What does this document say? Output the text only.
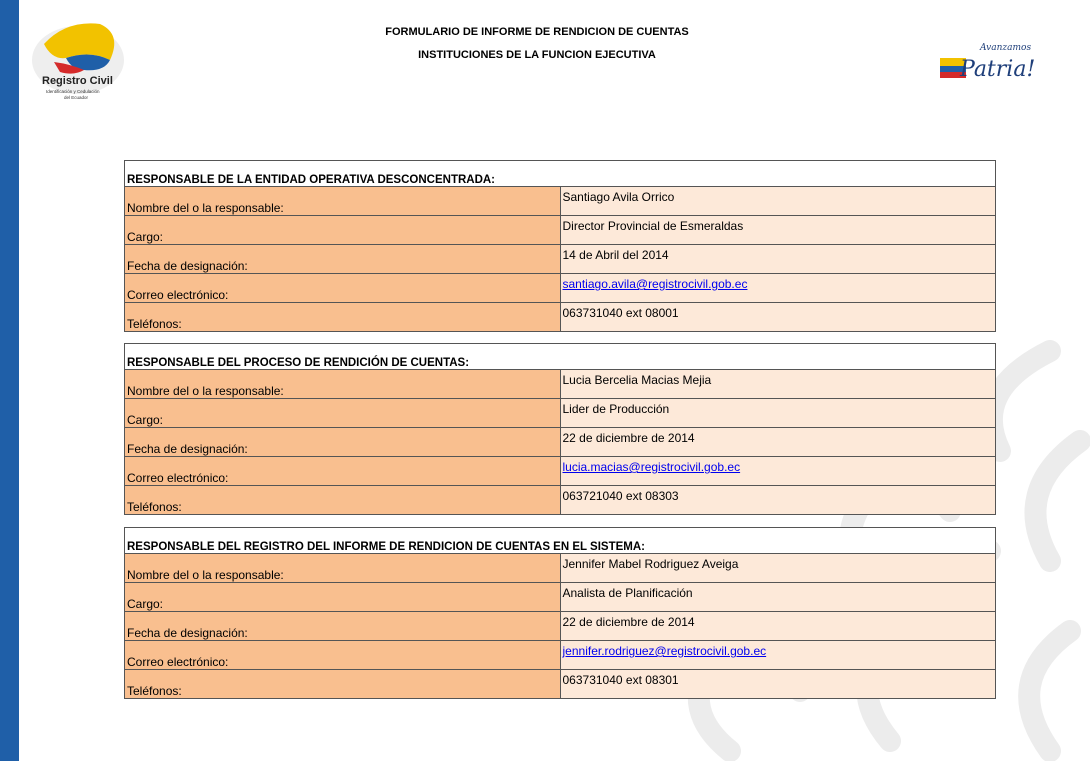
Registro Civil
Identificación y Cedulación
del Ecuador
Avanzamos
Patria!
FORMULARIO DE INFORME DE RENDICION DE CUENTAS
INSTITUCIONES DE LA FUNCION EJECUTIVA
RESPONSABLE DE LA ENTIDAD OPERATIVA DESCONCENTRADA:	
Nombre del o la responsable:	Santiago Avila Orrico
Cargo:	Director Provincial de Esmeraldas
Fecha de designación:	14 de Abril del 2014
Correo electrónico:	santiago.avila@registrocivil.gob.ec
Teléfonos:	063731040 ext 08001
RESPONSABLE DEL PROCESO DE RENDICIÓN DE CUENTAS:	
Nombre del o la responsable:	Lucia Bercelia Macias Mejia
Cargo:	Lider de Producción
Fecha de designación:	22 de diciembre de 2014
Correo electrónico:	lucia.macias@registrocivil.gob.ec
Teléfonos:	063721040 ext 08303
RESPONSABLE DEL REGISTRO DEL INFORME DE RENDICION DE CUENTAS EN EL SISTEMA:	
Nombre del o la responsable:	Jennifer Mabel Rodriguez Aveiga
Cargo:	Analista de Planificación
Fecha de designación:	22 de diciembre de 2014
Correo electrónico:	jennifer.rodriguez@registrocivil.gob.ec
Teléfonos:	063731040 ext 08301
